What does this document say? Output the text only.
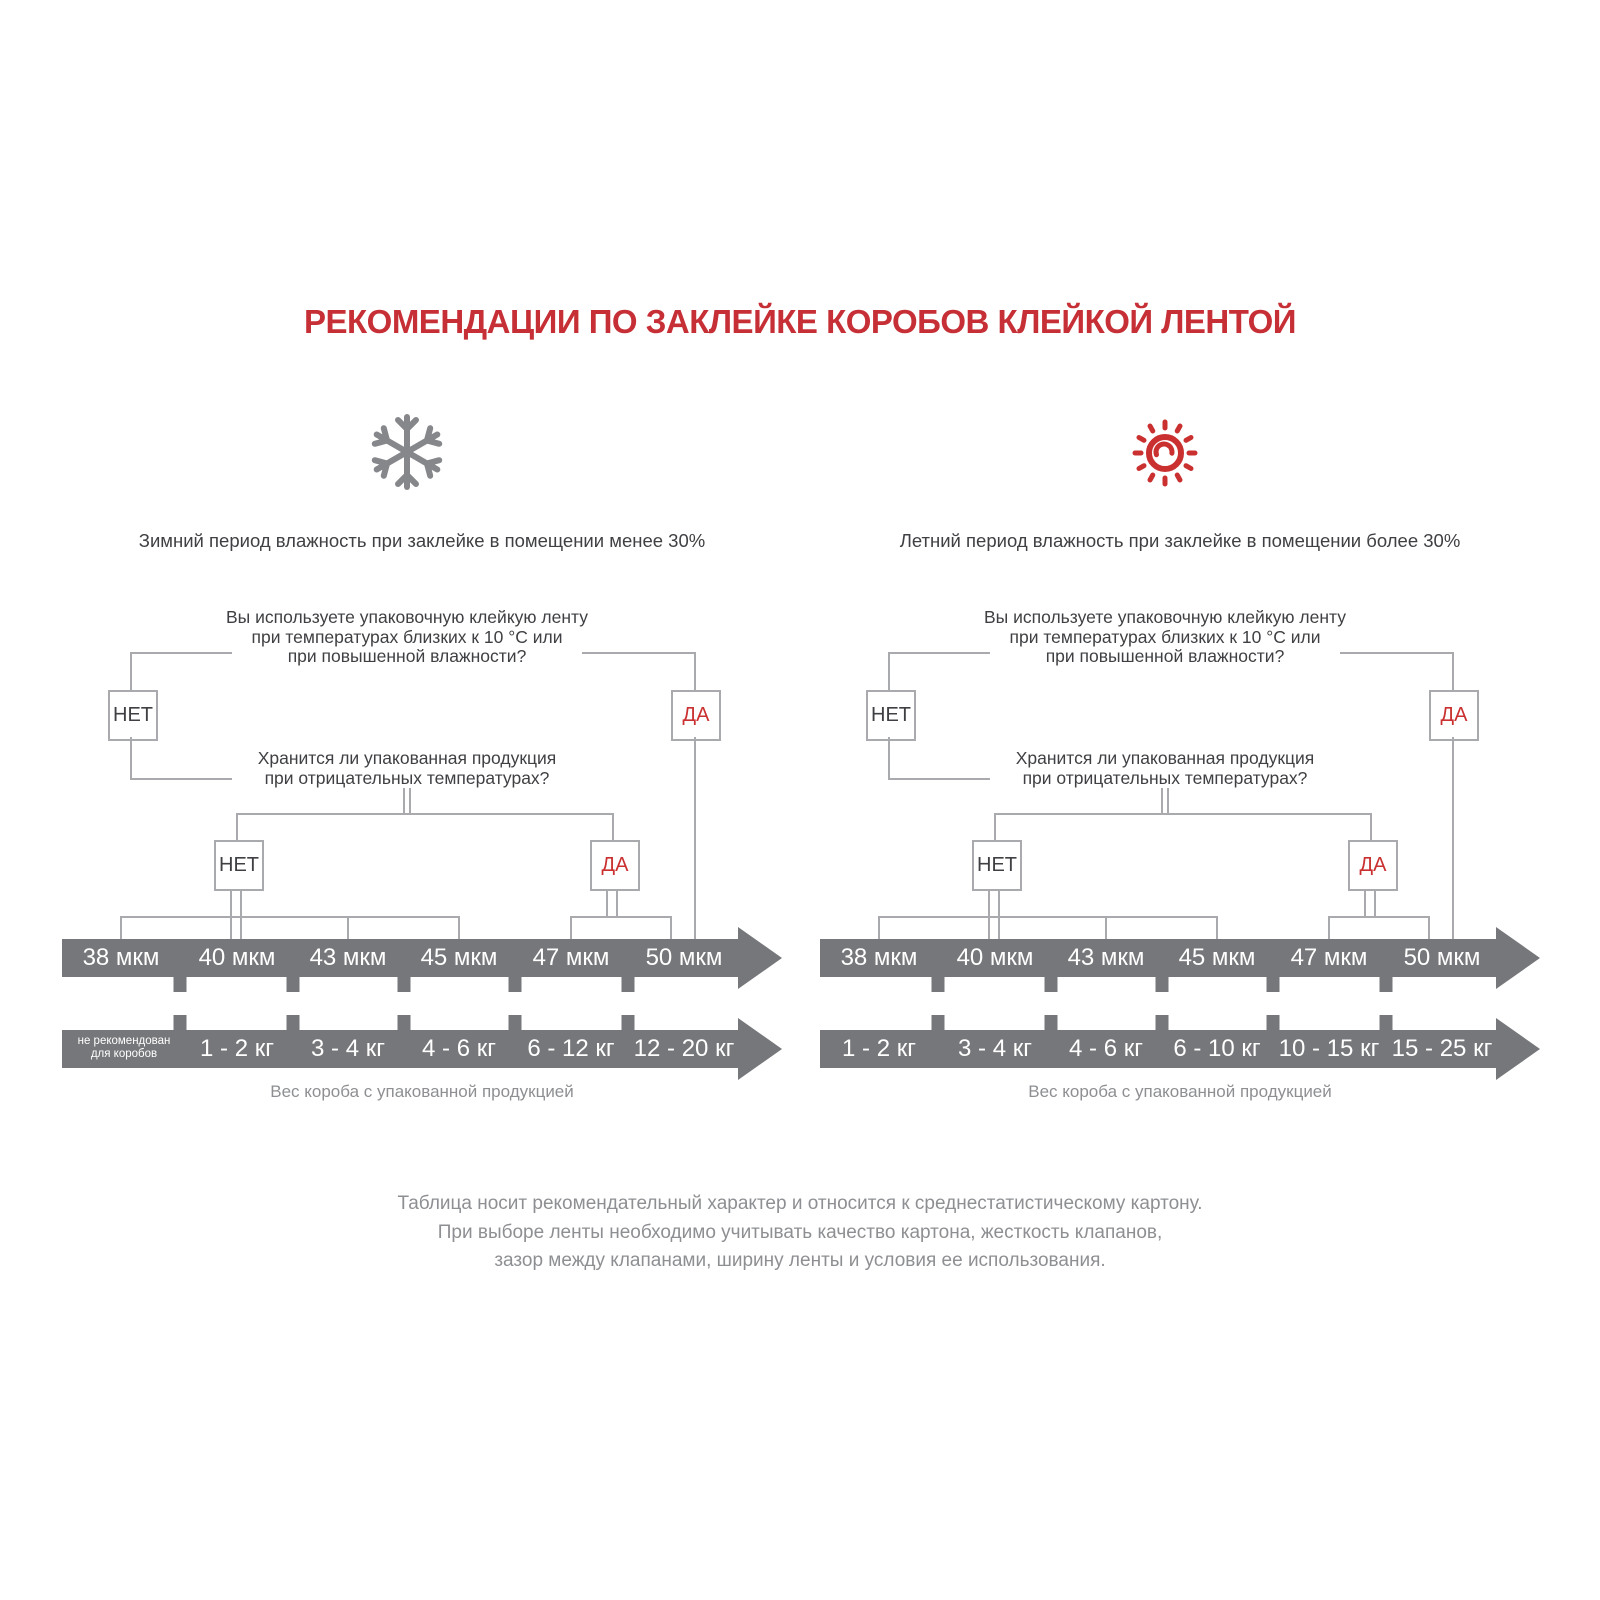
РЕКОМЕНДАЦИИ ПО ЗАКЛЕЙКЕ КОРОБОВ КЛЕЙКОЙ ЛЕНТОЙ
Зимний период влажность при заклейке в помещении менее 30%
Вы используете упаковочную клейкую ленту
при температурах близких к 10 °С или
при повышенной влажности?
НЕТ	ДА
Хранится ли упакованная продукция
при отрицательных температурах?
НЕТ	ДА
38 мкм 40 мкм 43 мкм 45 мкм 47 мкм 50 мкм
не рекомендован
для коробов	1 - 2 кг 3 - 4 кг 4 - 6 кг 6 - 12 кг 12 - 20 кг
Вес короба с упакованной продукцией
Летний период влажность при заклейке в помещении более 30%
Вы используете упаковочную клейкую ленту
при температурах близких к 10 °С или
при повышенной влажности?
НЕТ	ДА
Хранится ли упакованная продукция
при отрицательных температурах?
НЕТ	ДА
38 мкм 40 мкм 43 мкм 45 мкм 47 мкм 50 мкм
1 - 2 кг 3 - 4 кг 4 - 6 кг 6 - 10 кг 10 - 15 кг 15 - 25 кг
Вес короба с упакованной продукцией
Таблица носит рекомендательный характер и относится к среднестатистическому картону.
При выборе ленты необходимо учитывать качество картона, жесткость клапанов,
зазор между клапанами, ширину ленты и условия ее использования.
